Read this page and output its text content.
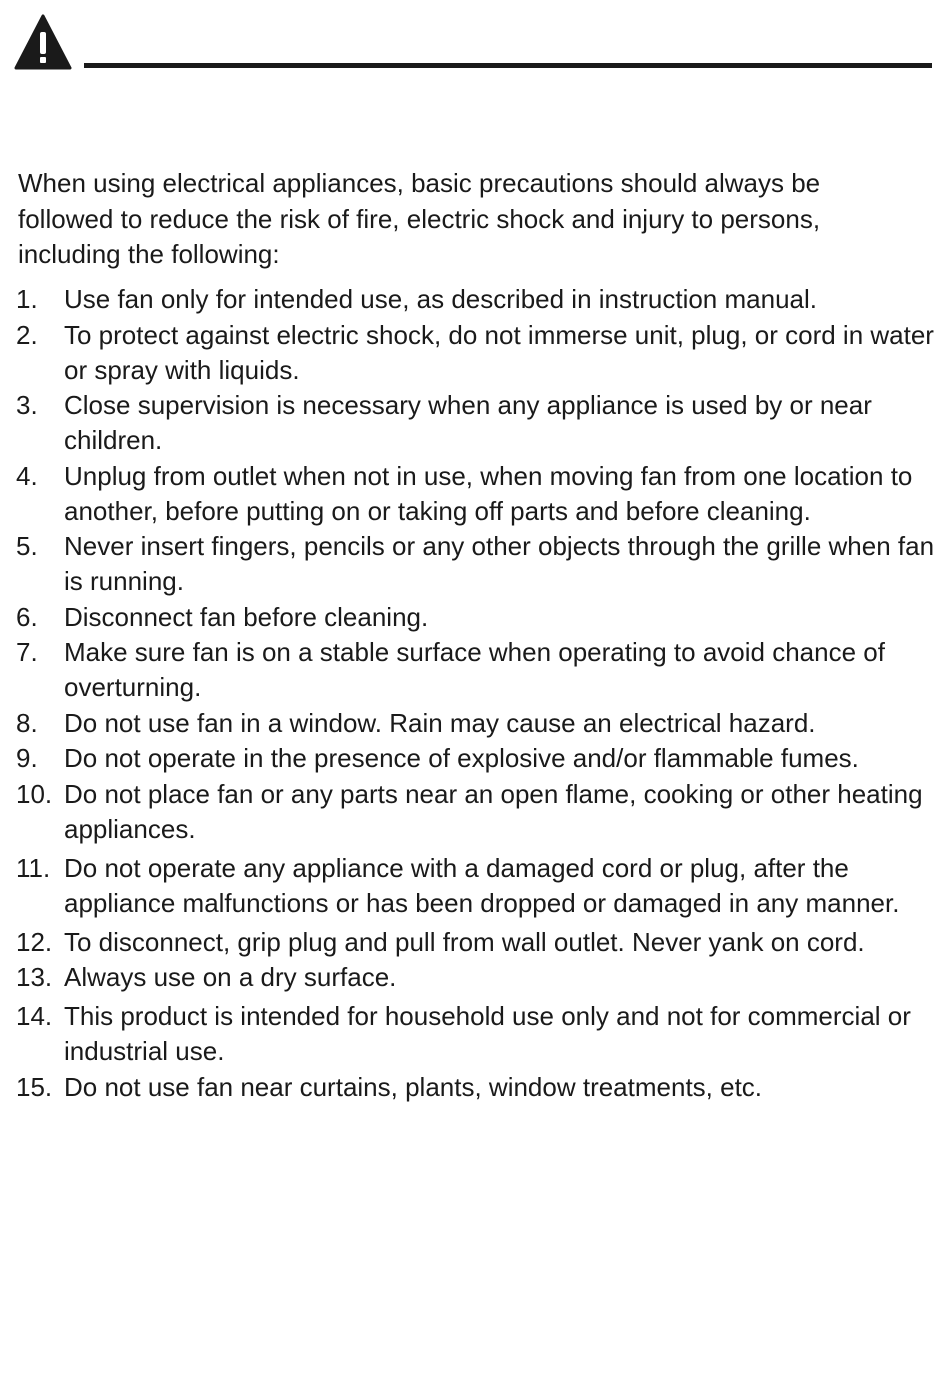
When using electrical appliances, basic precautions should always be followed to reduce the risk of fire, electric shock and injury to persons, including the following:

1. Use fan only for intended use, as described in instruction manual.
2. To protect against electric shock, do not immerse unit, plug, or cord in water or spray with liquids.
3. Close supervision is necessary when any appliance is used by or near children.
4. Unplug from outlet when not in use, when moving fan from one location to another, before putting on or taking off parts and before cleaning.
5. Never insert fingers, pencils or any other objects through the grille when fan is running.
6. Disconnect fan before cleaning.
7. Make sure fan is on a stable surface when operating to avoid chance of overturning.
8. Do not use fan in a window. Rain may cause an electrical hazard.
9. Do not operate in the presence of explosive and/or flammable fumes.
10. Do not place fan or any parts near an open flame, cooking or other heating appliances.
11. Do not operate any appliance with a damaged cord or plug, after the appliance malfunctions or has been dropped or damaged in any manner.
12. To disconnect, grip plug and pull from wall outlet. Never yank on cord.
13. Always use on a dry surface.
14. This product is intended for household use only and not for commercial or industrial use.
15. Do not use fan near curtains, plants, window treatments, etc.
